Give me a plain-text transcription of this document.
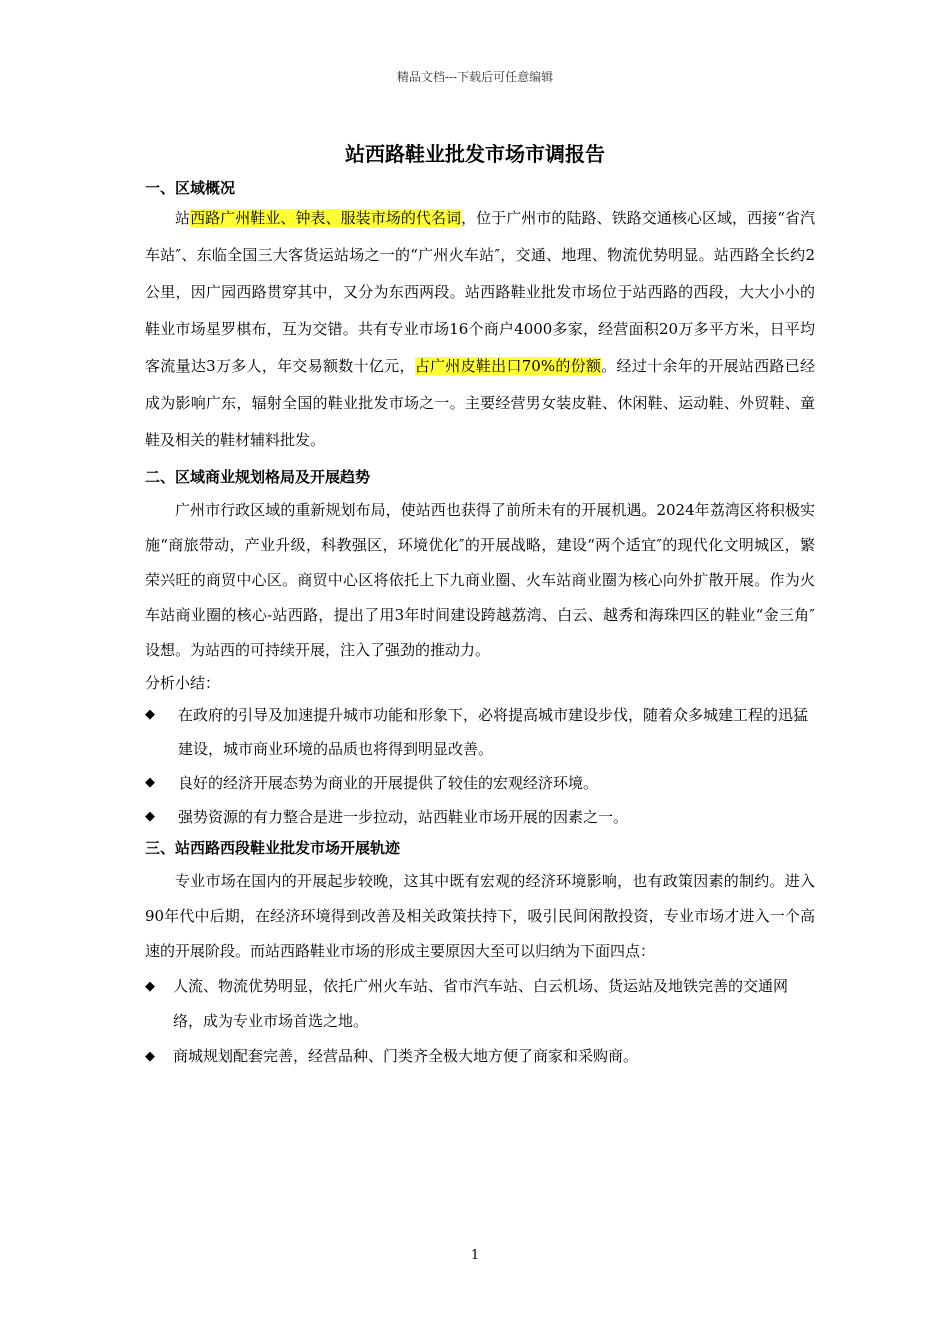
精品文档---下载后可任意编辑
站西路鞋业批发市场市调报告

一、区域概况

站西路广州鞋业、钟表、服装市场的代名词，位于广州市的陆路、铁路交通核心区域，西接“省汽车站″、东临全国三大客货运站场之一的“广州火车站″，交通、地理、物流优势明显。站西路全长约2公里，因广园西路贯穿其中，又分为东西两段。站西路鞋业批发市场位于站西路的西段，大大小小的鞋业市场星罗棋布，互为交错。共有专业市场16个商户4000多家，经营面积20万多平方米，日平均客流量达3万多人，年交易额数十亿元，占广州皮鞋出口70%的份额。经过十余年的开展站西路已经成为影响广东，辐射全国的鞋业批发市场之一。主要经营男女装皮鞋、休闲鞋、运动鞋、外贸鞋、童鞋及相关的鞋材辅料批发。

二、区域商业规划格局及开展趋势

广州市行政区域的重新规划布局，使站西也获得了前所未有的开展机遇。2024年荔湾区将积极实施“商旅带动，产业升级，科教强区，环境优化″的开展战略，建设“两个适宜″的现代化文明城区，繁荣兴旺的商贸中心区。商贸中心区将依托上下九商业圈、火车站商业圈为核心向外扩散开展。作为火车站商业圈的核心-站西路，提出了用3年时间建设跨越荔湾、白云、越秀和海珠四区的鞋业“金三角″设想。为站西的可持续开展，注入了强劲的推动力。

分析小结：

◆ 在政府的引导及加速提升城市功能和形象下，必将提高城市建设步伐，随着众多城建工程的迅猛建设，城市商业环境的品质也将得到明显改善。
◆ 良好的经济开展态势为商业的开展提供了较佳的宏观经济环境。
◆ 强势资源的有力整合是进一步拉动，站西鞋业市场开展的因素之一。

三、站西路西段鞋业批发市场开展轨迹

专业市场在国内的开展起步较晚，这其中既有宏观的经济环境影响，也有政策因素的制约。进入90年代中后期，在经济环境得到改善及相关政策扶持下，吸引民间闲散投资，专业市场才进入一个高速的开展阶段。而站西路鞋业市场的形成主要原因大至可以归纳为下面四点：

◆ 人流、物流优势明显，依托广州火车站、省市汽车站、白云机场、货运站及地铁完善的交通网络，成为专业市场首选之地。
◆ 商城规划配套完善，经营品种、门类齐全极大地方便了商家和采购商。
1
